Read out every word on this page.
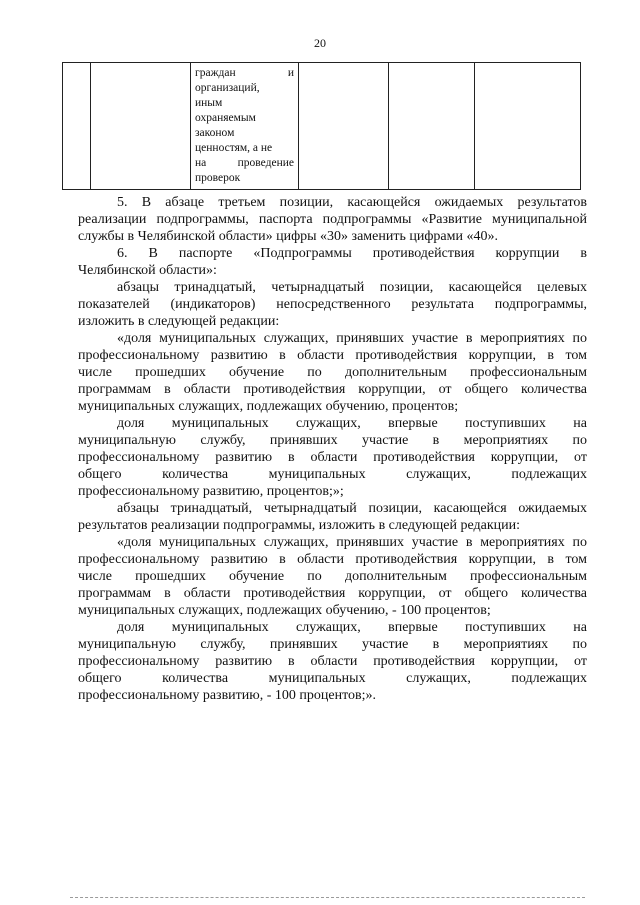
20

граждан и
организаций,
иным
охраняемым
законом
ценностям, а не
на проведение
проверок

5. В абзаце третьем позиции, касающейся ожидаемых результатов
реализации подпрограммы, паспорта подпрограммы «Развитие муниципальной
службы в Челябинской области» цифры «30» заменить цифрами «40».

6. В паспорте «Подпрограммы противодействия коррупции в
Челябинской области»:

абзацы тринадцатый, четырнадцатый позиции, касающейся целевых
показателей (индикаторов) непосредственного результата подпрограммы,
изложить в следующей редакции:

«доля муниципальных служащих, принявших участие в мероприятиях по
профессиональному развитию в области противодействия коррупции, в том
числе прошедших обучение по дополнительным профессиональным
программам в области противодействия коррупции, от общего количества
муниципальных служащих, подлежащих обучению, процентов;

доля муниципальных служащих, впервые поступивших на
муниципальную службу, принявших участие в мероприятиях по
профессиональному развитию в области противодействия коррупции, от
общего количества муниципальных служащих, подлежащих
профессиональному развитию, процентов;»;

абзацы тринадцатый, четырнадцатый позиции, касающейся ожидаемых
результатов реализации подпрограммы, изложить в следующей редакции:

«доля муниципальных служащих, принявших участие в мероприятиях по
профессиональному развитию в области противодействия коррупции, в том
числе прошедших обучение по дополнительным профессиональным
программам в области противодействия коррупции, от общего количества
муниципальных служащих, подлежащих обучению, - 100 процентов;

доля муниципальных служащих, впервые поступивших на
муниципальную службу, принявших участие в мероприятиях по
профессиональному развитию в области противодействия коррупции, от
общего количества муниципальных служащих, подлежащих
профессиональному развитию, - 100 процентов;».
